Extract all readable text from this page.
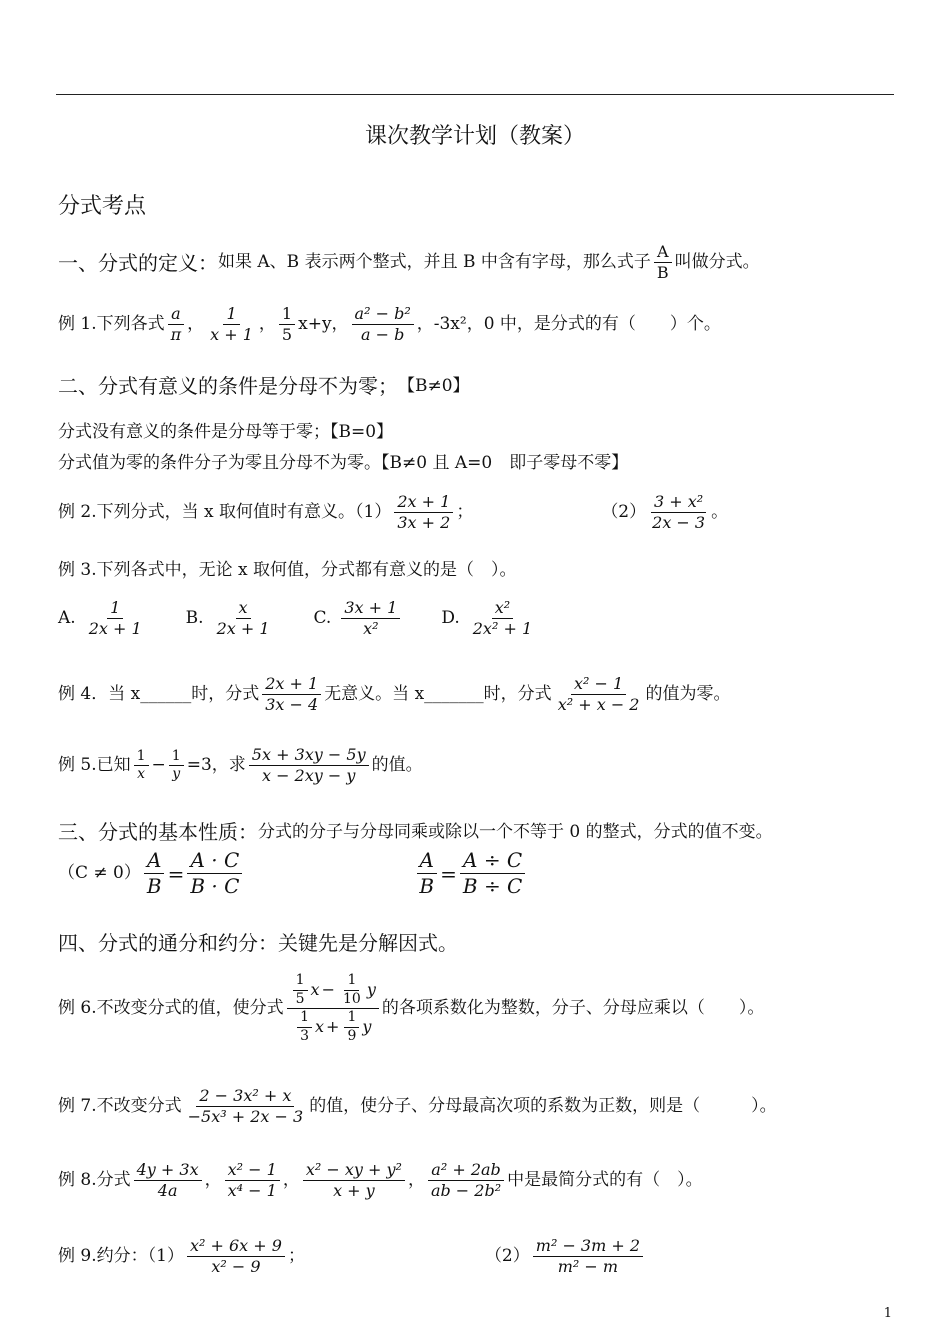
课次教学计划（教案）
分式考点
一、分式的定义： 如果 A、B 表示两个整式，并且 B 中含有字母，那么式子 $\frac{A}{B}$ 叫做分式。
例 1.下列各式 $\frac{a}{\pi}$ ， $\frac{1}{x + 1}$ ， $\frac{1}{5} x+y$， $\frac{\text{a² − b²}}{a - b}$ ，-3x²，0 中，是分式的有（　　）个。
二、分式有意义的条件是分母不为零； 【B≠0】
分式没有意义的条件是分母等于零；【B=0】
分式值为零的条件分子为零且分母不为零。【B≠0 且 A=0　即子零母不零】
例 2.下列分式，当 x 取何值时有意义。$(1) \frac{2x + 1}{3x + 2}$ ；	$(2) \frac{\text{3 + x²}}{2x - 3}$ 。
例 3.下列各式中，无论 x 取何值，分式都有意义的是（　）。
A. $\frac{1}{2x + 1} B$. $\frac{x}{2x + 1} C$. $\frac{3x + 1}{\text{x²}} D$. $\frac{\text{x²}}{\text{2x² + 1}}$
例 4．当 x______时，分式 $\frac{2x + 1}{3x - 4}$ 无意义。当 x_______时，分式 $\frac{\text{x² − 1}}{\text{x² + x − 2}}$ 的值为零。
例 5.已知 $\frac{1}{x} - \frac{1}{y} =3$，求 $\frac{5x + 3xy - 5y}{x - 2xy - y}$ 的值。
三、分式的基本性质： 分式的分子与分母同乘或除以一个不等于 0 的整式，分式的值不变。
$(C \ne 0) \frac{A}{B} = \frac{A \cdot C}{B \cdot C}$	$\frac{A}{B} = \frac{A \div C}{B \div C}$
四、分式的通分和约分：关键先是分解因式。
例 6.不改变分式的值，使分式 $\frac{\frac{1}{5} x - \frac{1}{10} y}{\frac{1}{3} x + \frac{1}{9} y}$ 的各项系数化为整数，分子、分母应乘以（　　）。
例 7.不改变分式 $\frac{\text{2 − 3x² + x}}{\text{−5x³ + 2x − 3}}$ 的值，使分子、分母最高次项的系数为正数，则是（　　　）。
例 8.分式 $\frac{4y + 3x}{4a}$ ， $\frac{\text{x² − 1}}{\text{x⁴ − 1}}$ ， $\frac{\text{x² − xy + y²}}{x + y}$ ， $\frac{\text{a² + 2ab}}{\text{ab − 2b²}}$ 中是最简分式的有（　）。
例 9.约分：$(1) \frac{\text{x² + 6x + 9}}{\text{x² − 9}}$ ；	$(2) \frac{\text{m² − 3m + 2}}{\text{m² − m}}$
1
